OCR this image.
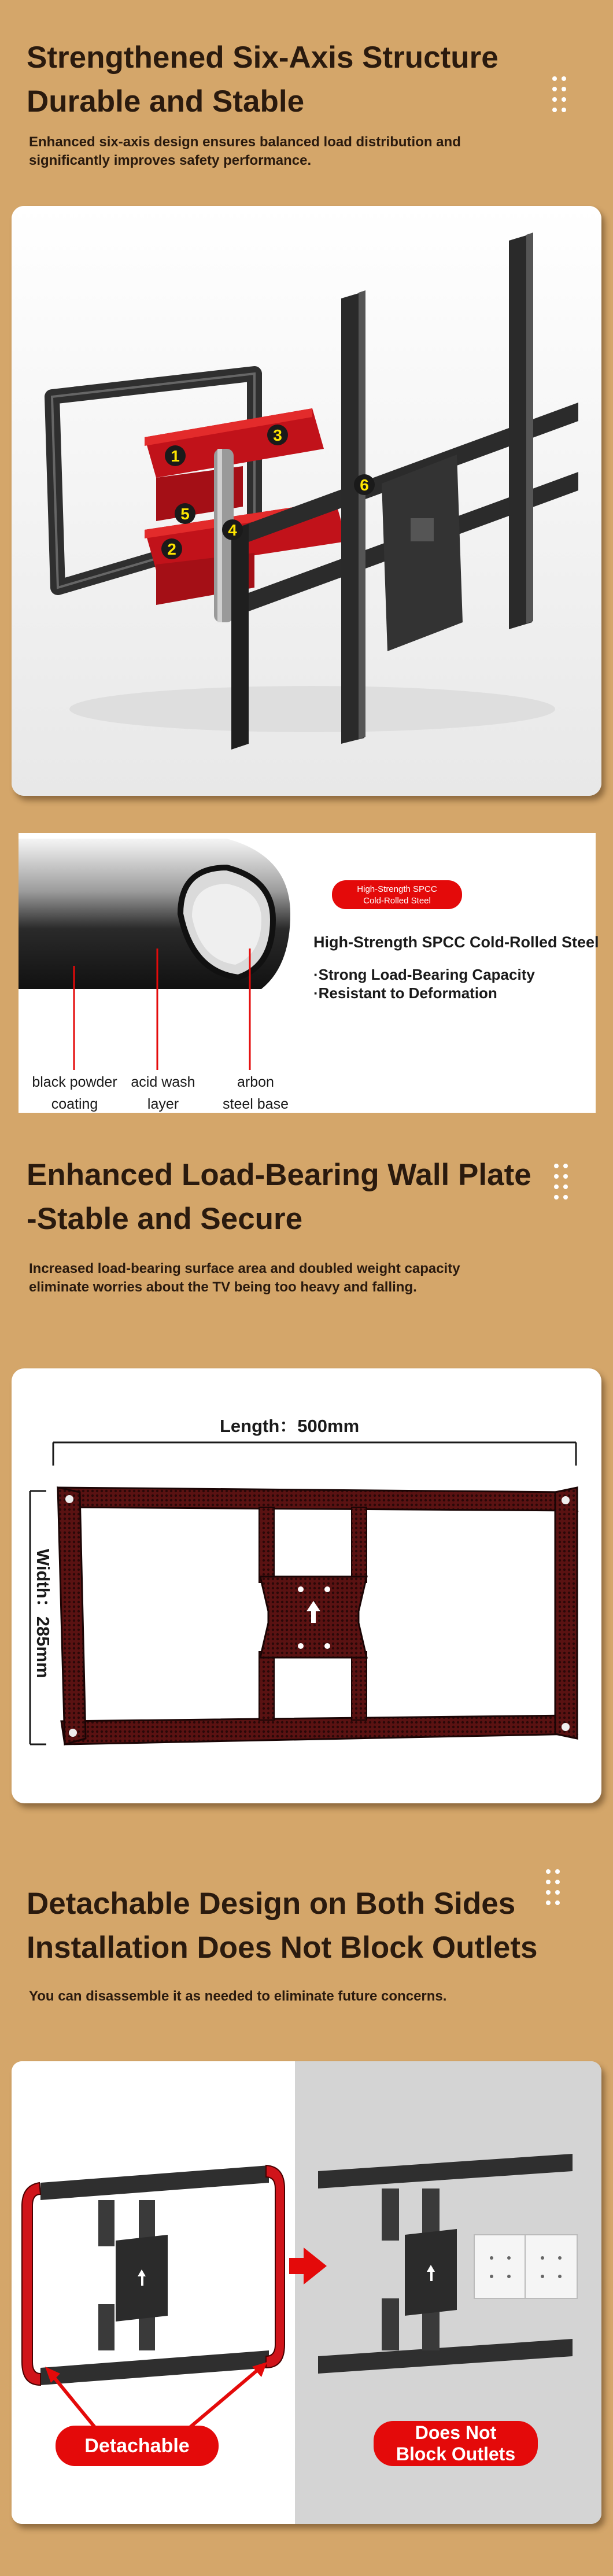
Strengthened Six-Axis Structure
Durable and Stable

Enhanced six-axis design ensures balanced load distribution and
significantly improves safety performance.

1
2
3
4
5
6
black powder
coating
acid wash
layer
arbon
steel base
High-Strength SPCC
Cold-Rolled Steel
High-Strength SPCC Cold-Rolled Steel
·Strong Load-Bearing Capacity
·Resistant to Deformation
Enhanced Load-Bearing Wall Plate
-Stable and Secure

Increased load-bearing surface area and doubled weight capacity
eliminate worries about the TV being too heavy and falling.

Length：500mm
Width：285mm
Detachable Design on Both Sides
Installation Does Not Block Outlets

You can disassemble it as needed to eliminate future concerns.

Detachable
Does Not
Block Outlets
